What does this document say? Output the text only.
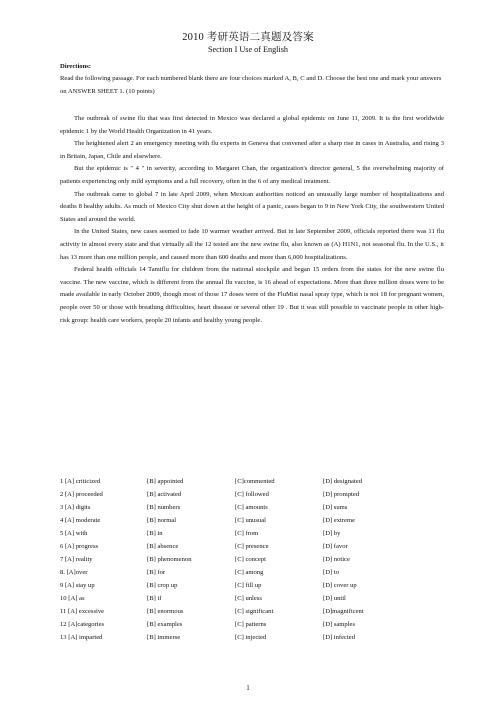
2010 考研英语二真题及答案
Section I Use of English
Directions:
Read the following passage. For each numbered blank there are four choices marked A, B, C and D. Choose the best one and mark your answers on ANSWER SHEET 1. (10 points)

The outbreak of swine flu that was first detected in Mexico was declared a global epidemic on June 11, 2009. It is the first worldwide epidemic 1 by the World Health Organization in 41 years.

The heightened alert 2 an emergency meeting with flu experts in Geneva that convened after a sharp rise in cases in Australia, and rising 3 in Britain, Japan, Chile and elsewhere.

But the epidemic is " 4 " in severity, according to Margaret Chan, the organization's director general, 5 the overwhelming majority of patients experiencing only mild symptoms and a full recovery, often in the 6 of any medical treatment.

The outbreak came to global 7 in late April 2009, when Mexican authorities noticed an unusually large number of hospitalizations and deaths 8 healthy adults. As much of Mexico City shut down at the height of a panic, cases began to 9 in New York City, the southwestern United States and around the world.

In the United States, new cases seemed to fade 10 warmer weather arrived. But in late September 2009, officials reported there was 11 flu activity in almost every state and that virtually all the 12 tested are the new swine flu, also known as (A) H1N1, not seasonal flu. In the U.S., it has 13 more than one million people, and caused more than 600 deaths and more than 6,000 hospitalizations.

Federal health officials 14 Tamiflu for children from the national stockpile and began 15 orders from the states for the new swine flu vaccine. The new vaccine, which is different from the annual flu vaccine, is 16 ahead of expectations. More than three million doses were to be made available in early October 2009, though most of those 17 doses were of the FluMist nasal spray type, which is not 18 for pregnant women, people over 50 or those with breathing difficulties, heart disease or several other 19 . But it was still possible to vaccinate people in other high-risk group: health care workers, people 20 infants and healthy young people.

1 [A] criticized	[B] appointed	[C]commented	[D] designated
2 [A] proceeded	[B] activated	[C] followed	[D] prompted
3 [A] digits	[B] numbers	[C] amounts	[D] sums
4 [A] moderate	[B] normal	[C] unusual	[D] extreme
5 [A] with	[B] in	[C] from	[D] by
6 [A] progress	[B] absence	[C] presence	[D] favor
7 [A] reality	[B] phenomenon	[C] concept	[D] notice
8. [A]over	[B] for	[C] among	[D] to
9 [A] stay up	[B] crop up	[C] fill up	[D] cover up
10 [A] as	[B] if	[C] unless	[D] until
11 [A] excessive	[B] enormous	[C] significant	[D]magnificent
12 [A]categories	[B] examples	[C] patterns	[D] samples
13 [A] imparted	[B] immerse	[C] injected	[D] infected
1
